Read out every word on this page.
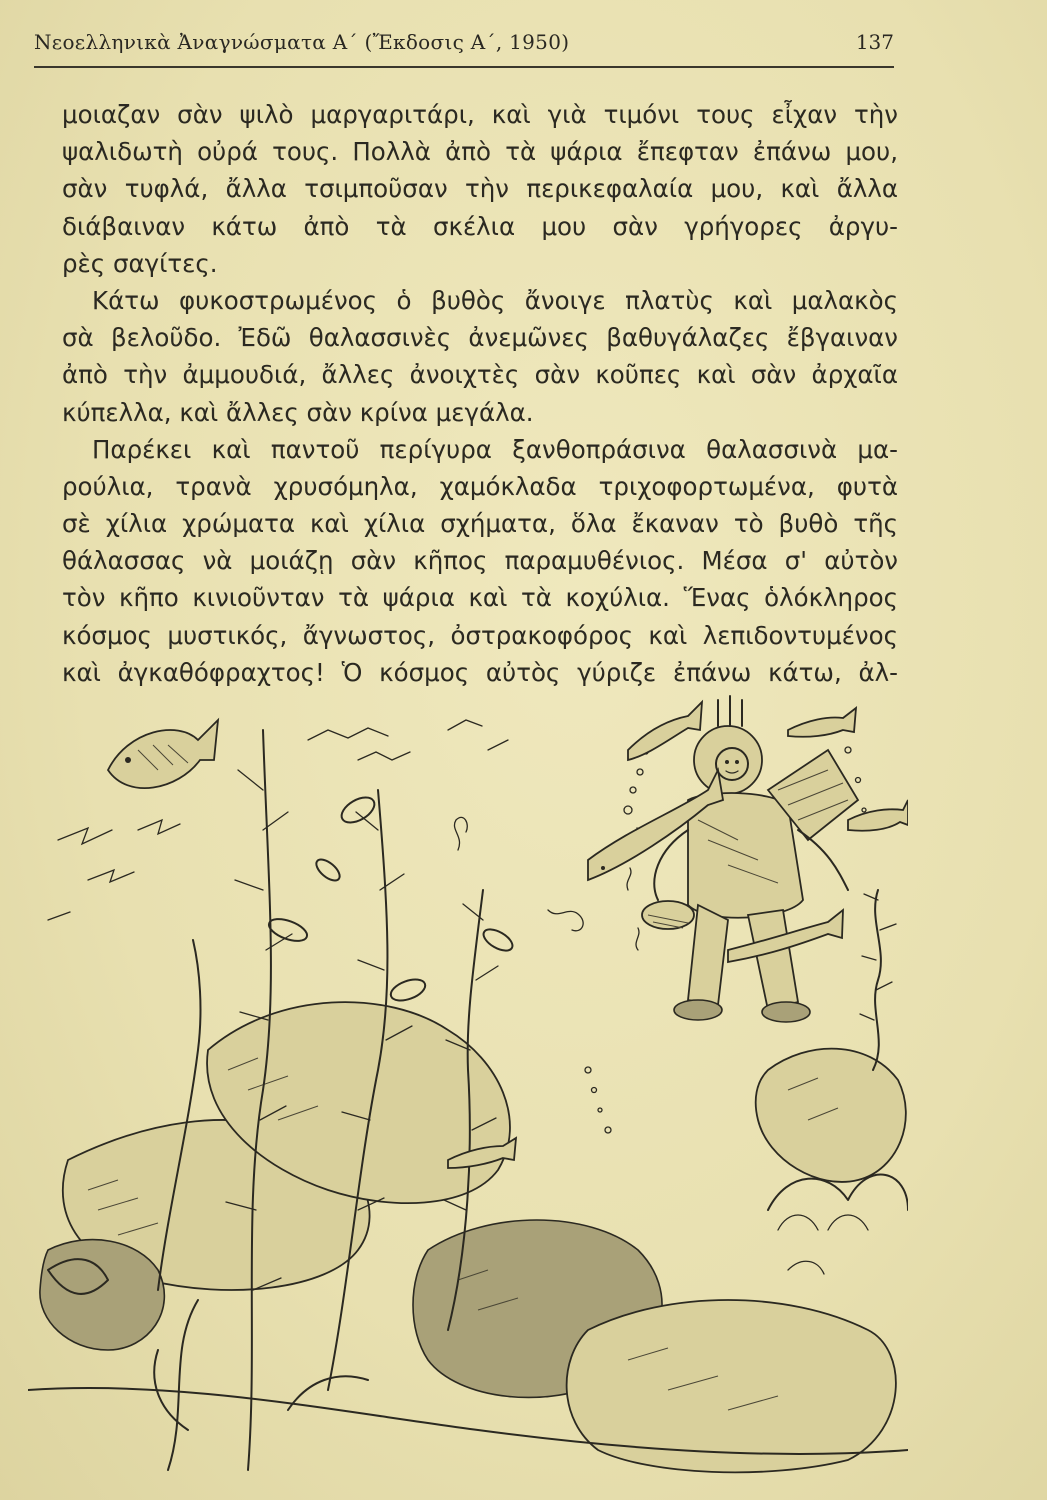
Νεοελληνικὰ Ἀναγνώσματα Α΄ (Ἔκδοσις Α΄, 1950)	137
μοιαζαν σὰν ψιλὸ μαργαριτάρι, καὶ γιὰ τιμόνι τους εἶχαν τὴν
ψαλιδωτὴ οὐρά τους. Πολλὰ ἀπὸ τὰ ψάρια ἔπεφταν ἐπάνω μου,
σὰν τυφλά, ἄλλα τσιμποῦσαν τὴν περικεφαλαία μου, καὶ ἄλλα
διάβαιναν κάτω ἀπὸ τὰ σκέλια μου σὰν γρήγορες ἀργυ-
ρὲς σαγίτες.
Κάτω φυκοστρωμένος ὁ βυθὸς ἄνοιγε πλατὺς καὶ μαλακὸς
σὰ βελοῦδο. Ἐδῶ θαλασσινὲς ἀνεμῶνες βαθυγάλαζες ἔβγαιναν
ἀπὸ τὴν ἀμμουδιά, ἄλλες ἀνοιχτὲς σὰν κοῦπες καὶ σὰν ἀρχαῖα
κύπελλα, καὶ ἄλλες σὰν κρίνα μεγάλα.
Παρέκει καὶ παντοῦ περίγυρα ξανθοπράσινα θαλασσινὰ μα-
ρούλια, τρανὰ χρυσόμηλα, χαμόκλαδα τριχοφορτωμένα, φυτὰ
σὲ χίλια χρώματα καὶ χίλια σχήματα, ὅλα ἔκαναν τὸ βυθὸ τῆς
θάλασσας νὰ μοιάζῃ σὰν κῆπος παραμυθένιος. Μέσα σ' αὐτὸν
τὸν κῆπο κινιοῦνταν τὰ ψάρια καὶ τὰ κοχύλια. Ἕνας ὁλόκληρος
κόσμος μυστικός, ἄγνωστος, ὀστρακοφόρος καὶ λεπιδοντυμένος
καὶ ἀγκαθόφραχτος! Ὁ κόσμος αὐτὸς γύριζε ἐπάνω κάτω, ἀλ-
